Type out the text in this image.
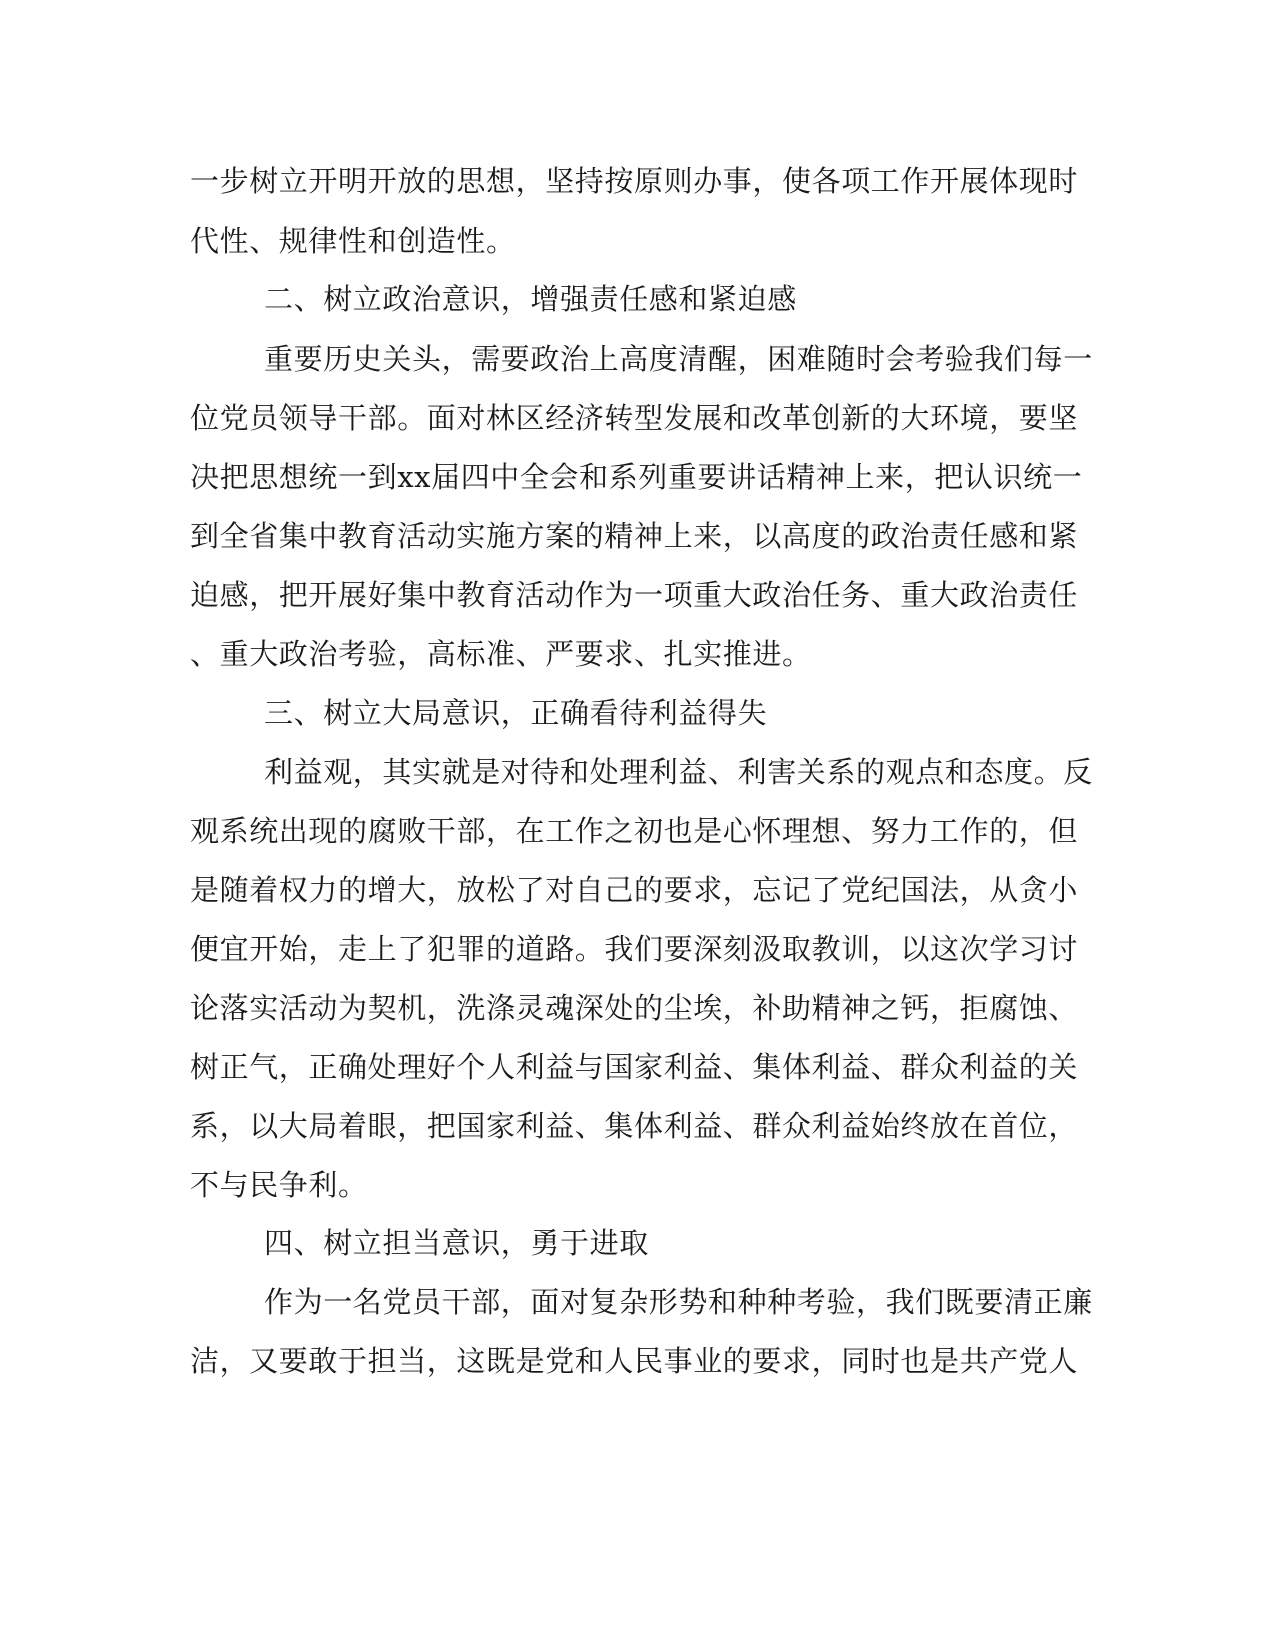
一步树立开明开放的思想，坚持按原则办事，使各项工作开展体现时
代性、规律性和创造性。
二、树立政治意识，增强责任感和紧迫感
重要历史关头，需要政治上高度清醒，困难随时会考验我们每一
位党员领导干部。面对林区经济转型发展和改革创新的大环境，要坚
决把思想统一到xx届四中全会和系列重要讲话精神上来，把认识统一
到全省集中教育活动实施方案的精神上来，以高度的政治责任感和紧
迫感，把开展好集中教育活动作为一项重大政治任务、重大政治责任
、重大政治考验，高标准、严要求、扎实推进。
三、树立大局意识，正确看待利益得失
利益观，其实就是对待和处理利益、利害关系的观点和态度。反
观系统出现的腐败干部，在工作之初也是心怀理想、努力工作的，但
是随着权力的增大，放松了对自己的要求，忘记了党纪国法，从贪小
便宜开始，走上了犯罪的道路。我们要深刻汲取教训，以这次学习讨
论落实活动为契机，洗涤灵魂深处的尘埃，补助精神之钙，拒腐蚀、
树正气，正确处理好个人利益与国家利益、集体利益、群众利益的关
系，以大局着眼，把国家利益、集体利益、群众利益始终放在首位，
不与民争利。
四、树立担当意识，勇于进取
作为一名党员干部，面对复杂形势和种种考验，我们既要清正廉
洁，又要敢于担当，这既是党和人民事业的要求，同时也是共产党人
